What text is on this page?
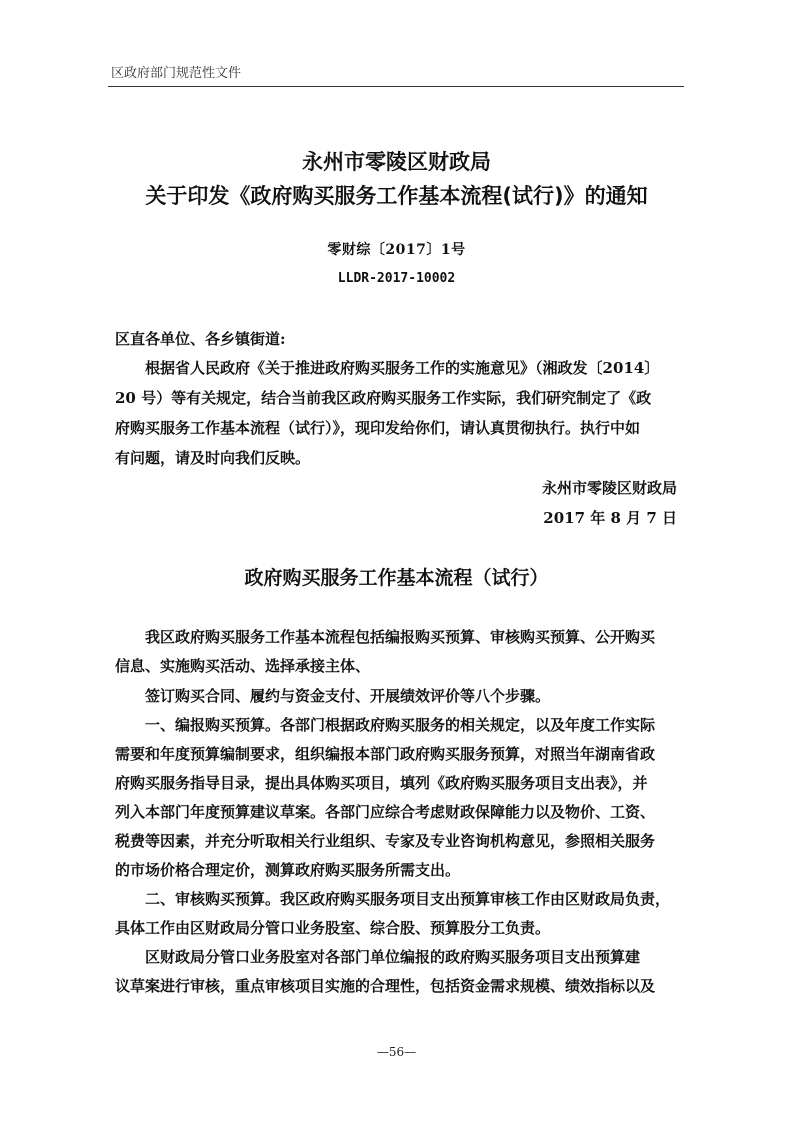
区政府部门规范性文件
永州市零陵区财政局
关于印发《政府购买服务工作基本流程(试行)》的通知
零财综〔2017〕1号
LLDR-2017-10002
区直各单位、各乡镇街道:
根据省人民政府《关于推进政府购买服务工作的实施意见》（湘政发〔2014〕
20 号）等有关规定，结合当前我区政府购买服务工作实际，我们研究制定了《政
府购买服务工作基本流程（试行）》，现印发给你们，请认真贯彻执行。执行中如
有问题，请及时向我们反映。
永州市零陵区财政局
2017 年 8 月 7 日
政府购买服务工作基本流程（试行）
我区政府购买服务工作基本流程包括编报购买预算、审核购买预算、公开购买
信息、实施购买活动、选择承接主体、
签订购买合同、履约与资金支付、开展绩效评价等八个步骤。
一、编报购买预算。各部门根据政府购买服务的相关规定，以及年度工作实际
需要和年度预算编制要求，组织编报本部门政府购买服务预算，对照当年湖南省政
府购买服务指导目录，提出具体购买项目，填列《政府购买服务项目支出表》，并
列入本部门年度预算建议草案。各部门应综合考虑财政保障能力以及物价、工资、
税费等因素，并充分听取相关行业组织、专家及专业咨询机构意见，参照相关服务
的市场价格合理定价，测算政府购买服务所需支出。
二、审核购买预算。我区政府购买服务项目支出预算审核工作由区财政局负责，
具体工作由区财政局分管口业务股室、综合股、预算股分工负责。
区财政局分管口业务股室对各部门单位编报的政府购买服务项目支出预算建
议草案进行审核，重点审核项目实施的合理性，包括资金需求规模、绩效指标以及
—56—
